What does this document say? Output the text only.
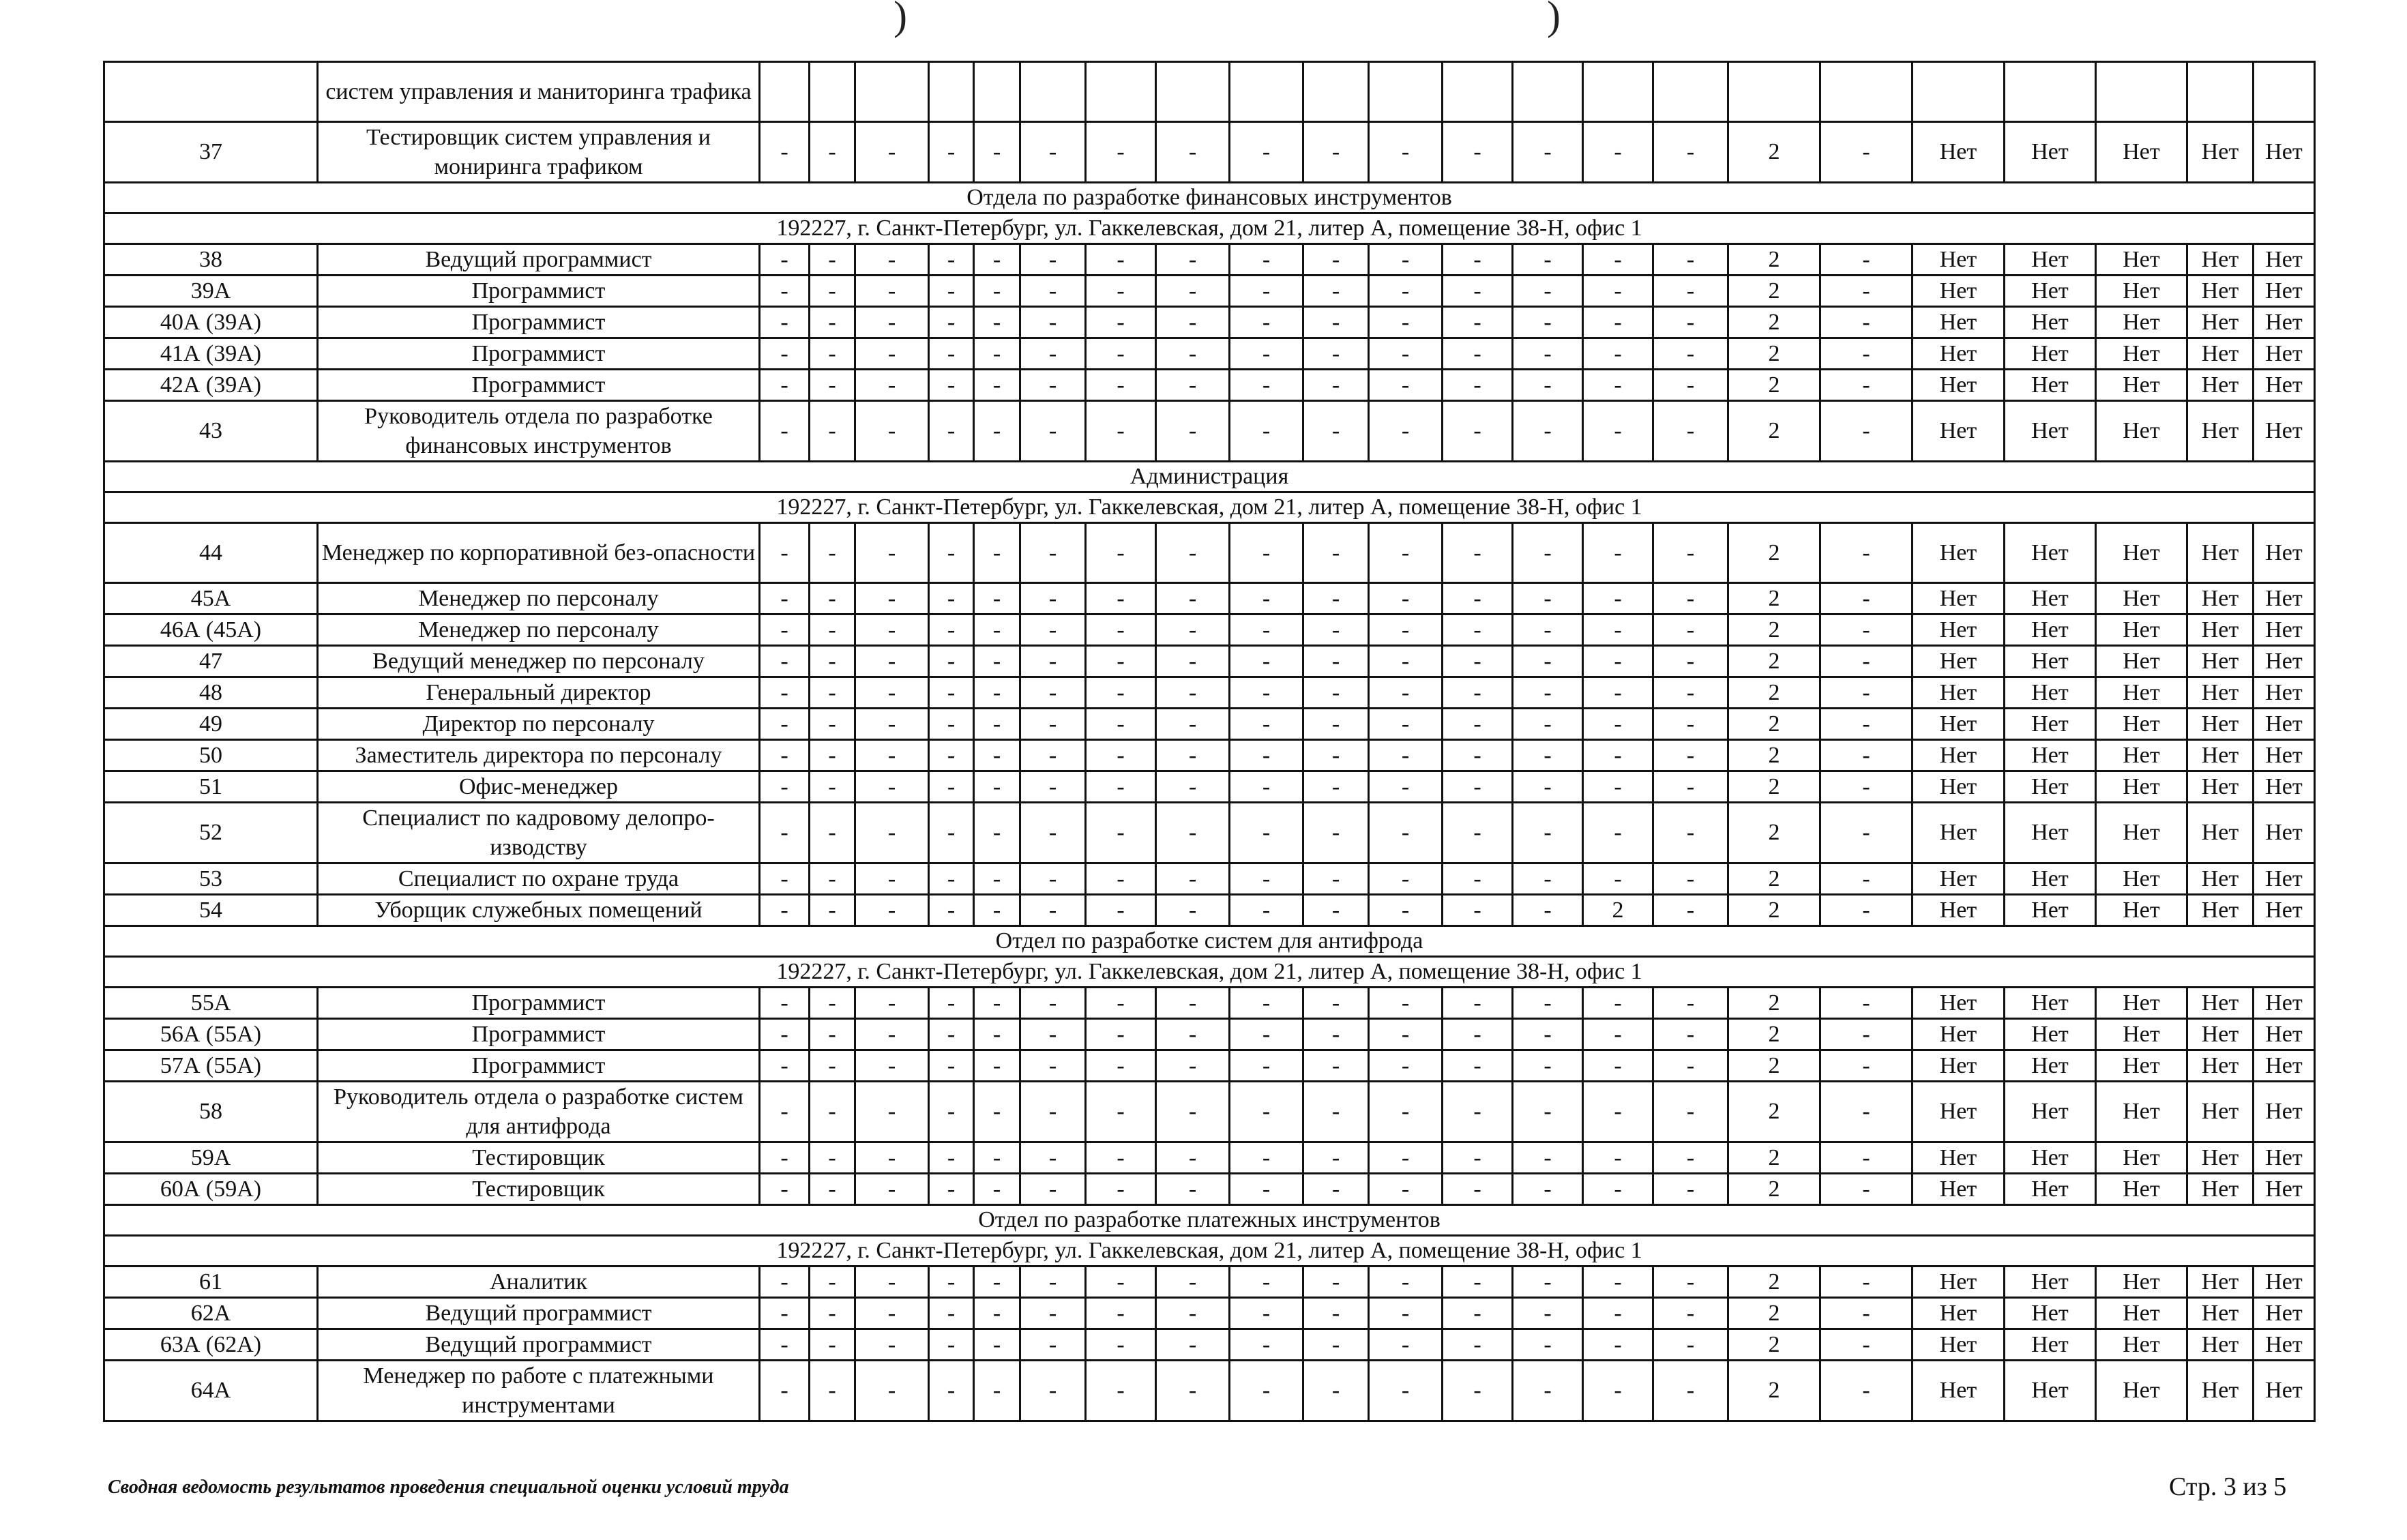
)	)
	систем управления и маниторинга трафика																							
37	Тестировщик систем управления и мониринга трафиком	-	-	-	-	-	-	-	-	-	-	-	-	-	-	-	2	-	Нет	Нет	Нет	Нет	Нет	
Отдела по разработке финансовых инструментов																								
192227, г. Санкт-Петербург, ул. Гаккелевская, дом 21, литер А, помещение 38-Н, офис 1																								
38	Ведущий программист	-	-	-	-	-	-	-	-	-	-	-	-	-	-	-	2	-	Нет	Нет	Нет	Нет	Нет	
39А	Программист	-	-	-	-	-	-	-	-	-	-	-	-	-	-	-	2	-	Нет	Нет	Нет	Нет	Нет	
40А (39А)	Программист	-	-	-	-	-	-	-	-	-	-	-	-	-	-	-	2	-	Нет	Нет	Нет	Нет	Нет	
41А (39А)	Программист	-	-	-	-	-	-	-	-	-	-	-	-	-	-	-	2	-	Нет	Нет	Нет	Нет	Нет	
42А (39А)	Программист	-	-	-	-	-	-	-	-	-	-	-	-	-	-	-	2	-	Нет	Нет	Нет	Нет	Нет	
43	Руководитель отдела по разработке финансовых инструментов	-	-	-	-	-	-	-	-	-	-	-	-	-	-	-	2	-	Нет	Нет	Нет	Нет	Нет	
Администрация																								
192227, г. Санкт-Петербург, ул. Гаккелевская, дом 21, литер А, помещение 38-Н, офис 1																								
44	Менеджер по корпоративной без-опасности	-	-	-	-	-	-	-	-	-	-	-	-	-	-	-	2	-	Нет	Нет	Нет	Нет	Нет	
45А	Менеджер по персоналу	-	-	-	-	-	-	-	-	-	-	-	-	-	-	-	2	-	Нет	Нет	Нет	Нет	Нет	
46А (45А)	Менеджер по персоналу	-	-	-	-	-	-	-	-	-	-	-	-	-	-	-	2	-	Нет	Нет	Нет	Нет	Нет	
47	Ведущий менеджер по персоналу	-	-	-	-	-	-	-	-	-	-	-	-	-	-	-	2	-	Нет	Нет	Нет	Нет	Нет	
48	Генеральный директор	-	-	-	-	-	-	-	-	-	-	-	-	-	-	-	2	-	Нет	Нет	Нет	Нет	Нет	
49	Директор по персоналу	-	-	-	-	-	-	-	-	-	-	-	-	-	-	-	2	-	Нет	Нет	Нет	Нет	Нет	
50	Заместитель директора по персоналу	-	-	-	-	-	-	-	-	-	-	-	-	-	-	-	2	-	Нет	Нет	Нет	Нет	Нет	
51	Офис-менеджер	-	-	-	-	-	-	-	-	-	-	-	-	-	-	-	2	-	Нет	Нет	Нет	Нет	Нет	
52	Специалист по кадровому делопро-изводству	-	-	-	-	-	-	-	-	-	-	-	-	-	-	-	2	-	Нет	Нет	Нет	Нет	Нет	
53	Специалист по охране труда	-	-	-	-	-	-	-	-	-	-	-	-	-	-	-	2	-	Нет	Нет	Нет	Нет	Нет	
54	Уборщик служебных помещений	-	-	-	-	-	-	-	-	-	-	-	-	-	2	-	2	-	Нет	Нет	Нет	Нет	Нет	
Отдел по разработке систем для антифрода																								
192227, г. Санкт-Петербург, ул. Гаккелевская, дом 21, литер А, помещение 38-Н, офис 1																								
55А	Программист	-	-	-	-	-	-	-	-	-	-	-	-	-	-	-	2	-	Нет	Нет	Нет	Нет	Нет	
56А (55А)	Программист	-	-	-	-	-	-	-	-	-	-	-	-	-	-	-	2	-	Нет	Нет	Нет	Нет	Нет	
57А (55А)	Программист	-	-	-	-	-	-	-	-	-	-	-	-	-	-	-	2	-	Нет	Нет	Нет	Нет	Нет	
58	Руководитель отдела о разработке систем для антифрода	-	-	-	-	-	-	-	-	-	-	-	-	-	-	-	2	-	Нет	Нет	Нет	Нет	Нет	
59А	Тестировщик	-	-	-	-	-	-	-	-	-	-	-	-	-	-	-	2	-	Нет	Нет	Нет	Нет	Нет	
60А (59А)	Тестировщик	-	-	-	-	-	-	-	-	-	-	-	-	-	-	-	2	-	Нет	Нет	Нет	Нет	Нет	
Отдел по разработке платежных инструментов																								
192227, г. Санкт-Петербург, ул. Гаккелевская, дом 21, литер А, помещение 38-Н, офис 1																								
61	Аналитик	-	-	-	-	-	-	-	-	-	-	-	-	-	-	-	2	-	Нет	Нет	Нет	Нет	Нет	
62А	Ведущий программист	-	-	-	-	-	-	-	-	-	-	-	-	-	-	-	2	-	Нет	Нет	Нет	Нет	Нет	
63А (62А)	Ведущий программист	-	-	-	-	-	-	-	-	-	-	-	-	-	-	-	2	-	Нет	Нет	Нет	Нет	Нет	
64А	Менеджер по работе с платежными инструментами	-	-	-	-	-	-	-	-	-	-	-	-	-	-	-	2	-	Нет	Нет	Нет	Нет	Нет	
Сводная ведомость результатов проведения специальной оценки условий труда	Стр. 3 из 5
